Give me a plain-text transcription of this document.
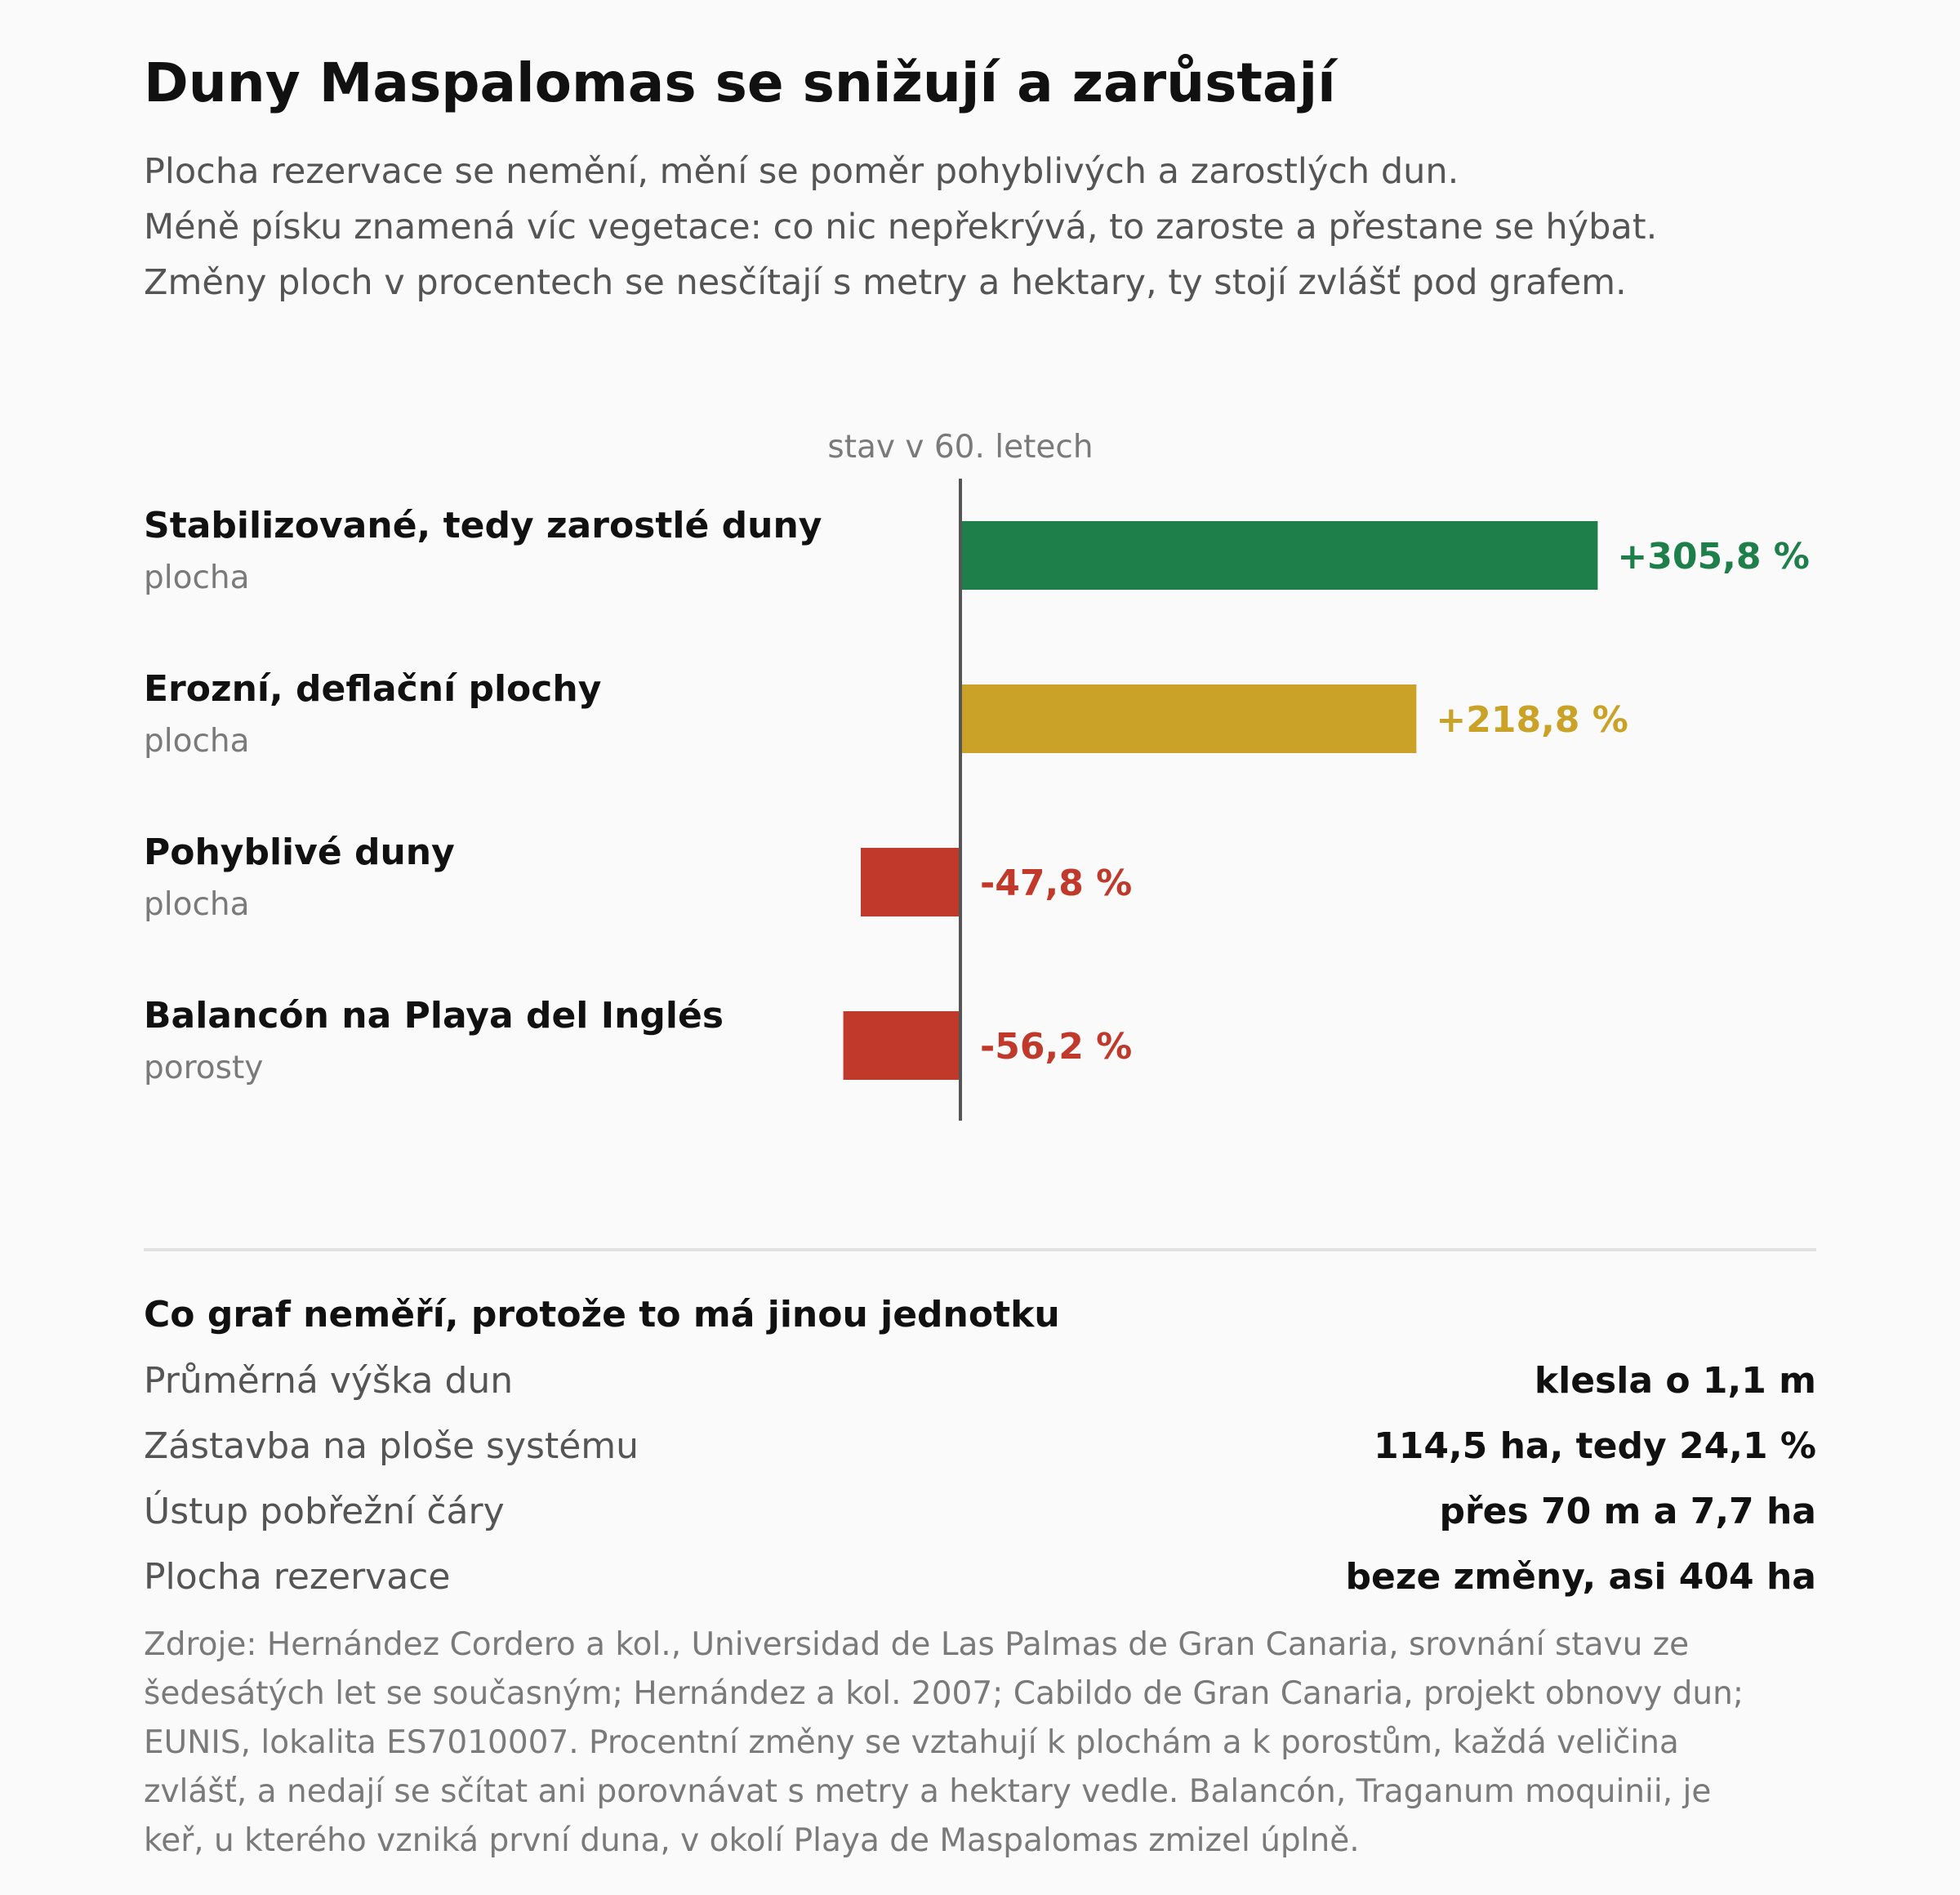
Duny Maspalomas se snižují a zarůstají
Plocha rezervace se nemění, mění se poměr pohyblivých a zarostlých dun.
Méně písku znamená víc vegetace: co nic nepřekrývá, to zaroste a přestane se hýbat.
Změny ploch v procentech se nesčítají s metry a hektary, ty stojí zvlášť pod grafem.
stav v 60. letech
Stabilizované, tedy zarostlé duny
plocha
+305,8 %
Erozní, deflační plochy
plocha
+218,8 %
Pohyblivé duny
plocha
-47,8 %
Balancón na Playa del Inglés
porosty
-56,2 %
Co graf neměří, protože to má jinou jednotku
Průměrná výška dun	klesla o 1,1 m
Zástavba na ploše systému	114,5 ha, tedy 24,1 %
Ústup pobřežní čáry	přes 70 m a 7,7 ha
Plocha rezervace	beze změny, asi 404 ha
Zdroje: Hernández Cordero a kol., Universidad de Las Palmas de Gran Canaria, srovnání stavu ze
šedesátých let se současným; Hernández a kol. 2007; Cabildo de Gran Canaria, projekt obnovy dun;
EUNIS, lokalita ES7010007. Procentní změny se vztahují k plochám a k porostům, každá veličina
zvlášť, a nedají se sčítat ani porovnávat s metry a hektary vedle. Balancón, Traganum moquinii, je
keř, u kterého vzniká první duna, v okolí Playa de Maspalomas zmizel úplně.
